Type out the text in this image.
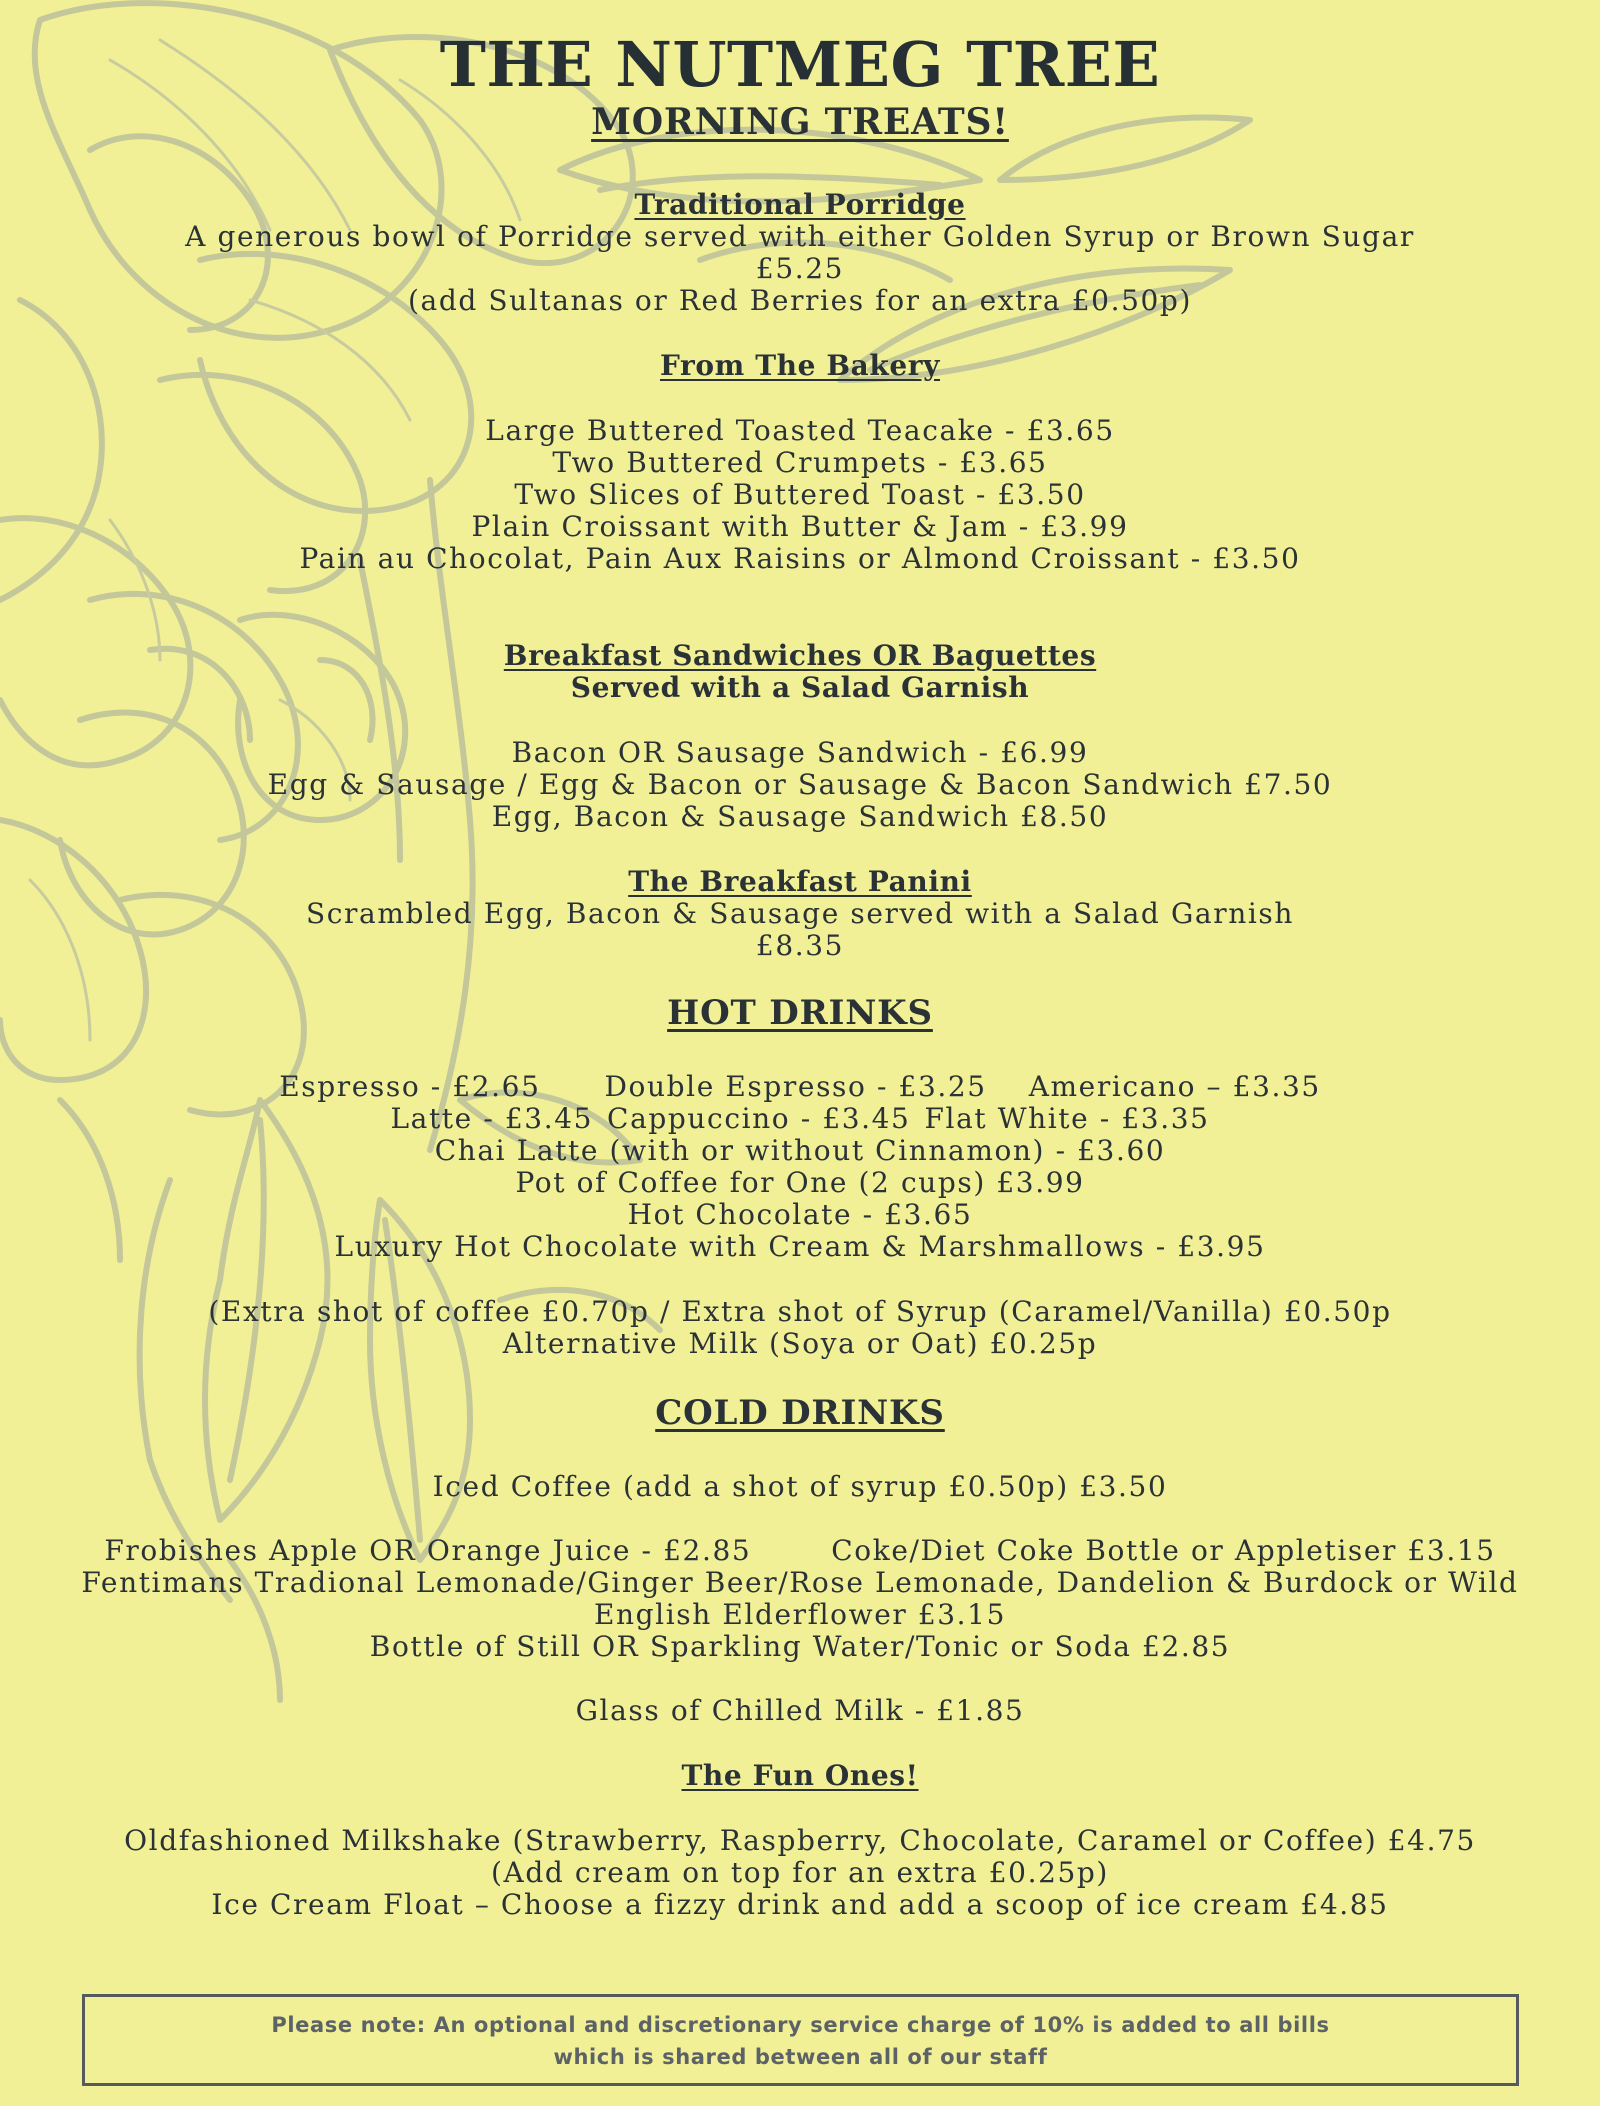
THE NUTMEG TREE
MORNING TREATS!
Traditional Porridge
A generous bowl of Porridge served with either Golden Syrup or Brown Sugar
£5.25
(add Sultanas or Red Berries for an extra £0.50p)
From The Bakery
Large Buttered Toasted Teacake - £3.65
Two Buttered Crumpets - £3.65
Two Slices of Buttered Toast - £3.50
Plain Croissant with Butter & Jam - £3.99
Pain au Chocolat, Pain Aux Raisins or Almond Croissant - £3.50
Breakfast Sandwiches OR Baguettes
Served with a Salad Garnish
Bacon OR Sausage Sandwich - £6.99
Egg & Sausage / Egg & Bacon or Sausage & Bacon Sandwich £7.50
Egg, Bacon & Sausage Sandwich £8.50
The Breakfast Panini
Scrambled Egg, Bacon & Sausage served with a Salad Garnish
£8.35
HOT DRINKS
Espresso - £2.65 Double Espresso - £3.25 Americano – £3.35
Latte - £3.45 Cappuccino - £3.45 Flat White - £3.35
Chai Latte (with or without Cinnamon) - £3.60
Pot of Coffee for One (2 cups) £3.99
Hot Chocolate - £3.65
Luxury Hot Chocolate with Cream & Marshmallows - £3.95
(Extra shot of coffee £0.70p / Extra shot of Syrup (Caramel/Vanilla) £0.50p
Alternative Milk (Soya or Oat) £0.25p
COLD DRINKS
Iced Coffee (add a shot of syrup £0.50p) £3.50
Frobishes Apple OR Orange Juice - £2.85	Coke/Diet Coke Bottle or Appletiser £3.15
Fentimans Tradional Lemonade/Ginger Beer/Rose Lemonade, Dandelion & Burdock or Wild
English Elderflower £3.15
Bottle of Still OR Sparkling Water/Tonic or Soda £2.85
Glass of Chilled Milk - £1.85
The Fun Ones!
Oldfashioned Milkshake (Strawberry, Raspberry, Chocolate, Caramel or Coffee) £4.75
(Add cream on top for an extra £0.25p)
Ice Cream Float – Choose a fizzy drink and add a scoop of ice cream £4.85
Please note: An optional and discretionary service charge of 10% is added to all bills
which is shared between all of our staff
